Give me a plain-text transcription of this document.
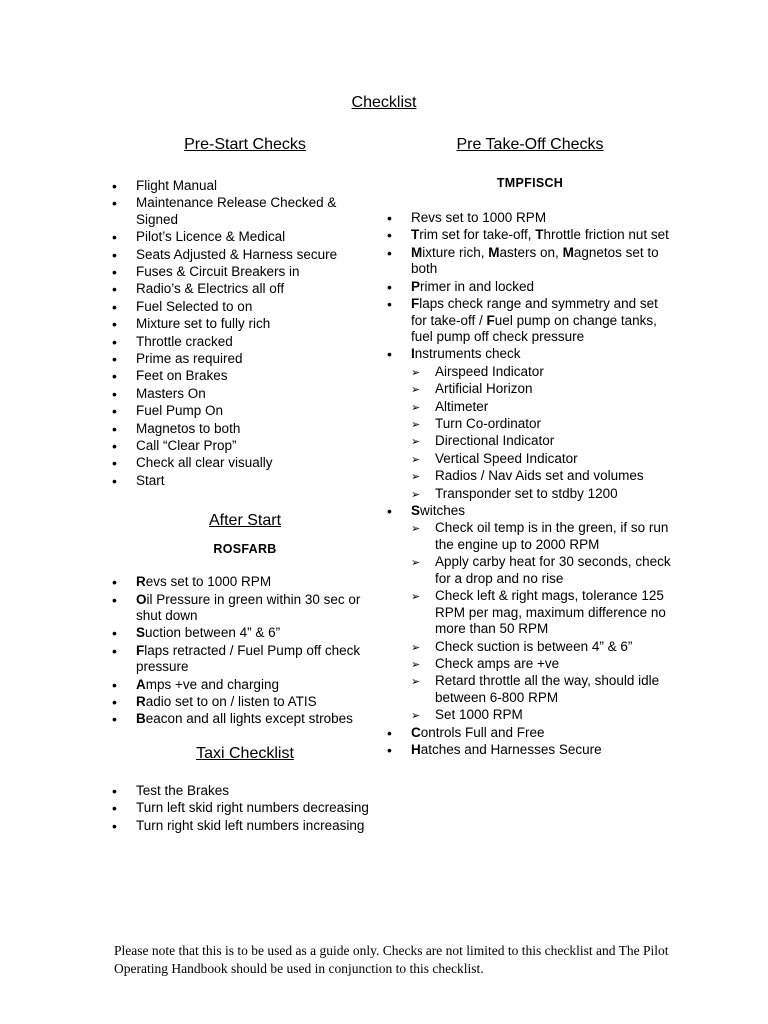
Checklist
Pre-Start Checks
• Flight Manual
• Maintenance Release Checked & Signed
• Pilot’s Licence & Medical
• Seats Adjusted & Harness secure
• Fuses & Circuit Breakers in
• Radio’s & Electrics all off
• Fuel Selected to on
• Mixture set to fully rich
• Throttle cracked
• Prime as required
• Feet on Brakes
• Masters On
• Fuel Pump On
• Magnetos to both
• Call “Clear Prop”
• Check all clear visually
• Start
After Start
ROSFARB
• Revs set to 1000 RPM
• Oil Pressure in green within 30 sec or shut down
• Suction between 4” & 6”
• Flaps retracted / Fuel Pump off check pressure
• Amps +ve and charging
• Radio set to on / listen to ATIS
• Beacon and all lights except strobes
Taxi Checklist
• Test the Brakes
• Turn left skid right numbers decreasing
• Turn right skid left numbers increasing
Pre Take-Off Checks
TMPFISCH
• Revs set to 1000 RPM
• Trim set for take-off, Throttle friction nut set
• Mixture rich, Masters on, Magnetos set to both
• Primer in and locked
• Flaps check range and symmetry and set for take-off / Fuel pump on change tanks, fuel pump off check pressure
• Instruments check
➢ Airspeed Indicator
➢ Artificial Horizon
➢ Altimeter
➢ Turn Co-ordinator
➢ Directional Indicator
➢ Vertical Speed Indicator
➢ Radios / Nav Aids set and volumes
➢ Transponder set to stdby 1200
• Switches
➢ Check oil temp is in the green, if so run the engine up to 2000 RPM
➢ Apply carby heat for 30 seconds, check for a drop and no rise
➢ Check left & right mags, tolerance 125 RPM per mag, maximum difference no more than 50 RPM
➢ Check suction is between 4” & 6”
➢ Check amps are +ve
➢ Retard throttle all the way, should idle between 6-800 RPM
➢ Set 1000 RPM
• Controls Full and Free
• Hatches and Harnesses Secure
Please note that this is to be used as a guide only. Checks are not limited to this checklist and The Pilot Operating Handbook should be used in conjunction to this checklist.
